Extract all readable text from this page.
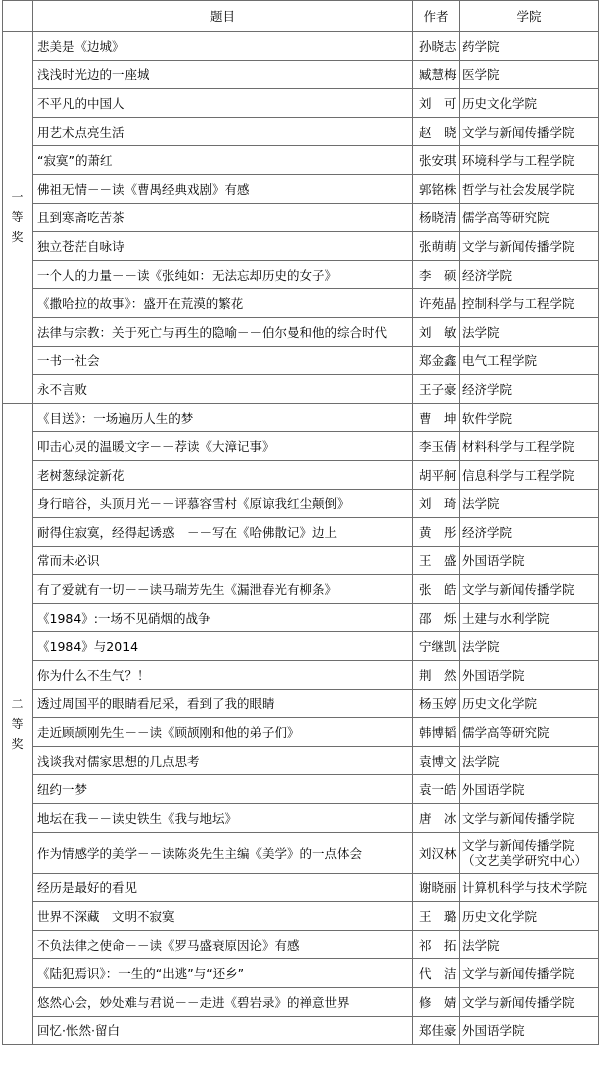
	题目	作者	学院

一等奖	悲美是《边城》	孙晓志	药学院
	浅浅时光边的一座城	臧慧梅	医学院
	不平凡的中国人	刘　可	历史文化学院
	用艺术点亮生活	赵　晓	文学与新闻传播学院
	“寂寞”的萧红	张安琪	环境科学与工程学院
	佛祖无情－－读《曹禺经典戏剧》有感	郭铭株	哲学与社会发展学院
	且到寒斋吃苦茶	杨晓清	儒学高等研究院
	独立苍茫自咏诗	张萌萌	文学与新闻传播学院
	一个人的力量－－读《张纯如：无法忘却历史的女子》	李　硕	经济学院
	《撒哈拉的故事》：盛开在荒漠的繁花	许苑晶	控制科学与工程学院
	法律与宗教：关于死亡与再生的隐喻－－伯尔曼和他的综合时代	刘　敏	法学院
	一书一社会	郑金鑫	电气工程学院
	永不言败	王子豪	经济学院

二等奖	《目送》：一场遍历人生的梦	曹　坤	软件学院
	叩击心灵的温暖文字－－荐读《大漳记事》	李玉倩	材料科学与工程学院
	老树葱绿淀新花	胡平舸	信息科学与工程学院
	身行暗谷，头顶月光－－评慕容雪村《原谅我红尘颠倒》	刘　琦	法学院
	耐得住寂寞，经得起诱惑　－－写在《哈佛散记》边上	黄　彤	经济学院
	常而未必识	王　盛	外国语学院
	有了爱就有一切－－读马瑞芳先生《漏泄春光有柳条》	张　皓	文学与新闻传播学院
	《1984》:一场不见硝烟的战争	邵　烁	土建与水利学院
	《1984》与2014	宁继凯	法学院
	你为什么不生气？！	荆　然	外国语学院
	透过周国平的眼睛看尼采，看到了我的眼睛	杨玉婷	历史文化学院
	走近顾颉刚先生－－读《顾颉刚和他的弟子们》	韩博韬	儒学高等研究院
	浅谈我对儒家思想的几点思考	袁博文	法学院
	纽约一梦	袁一皓	外国语学院
	地坛在我－－读史铁生《我与地坛》	唐　冰	文学与新闻传播学院
	作为情感学的美学－－读陈炎先生主编《美学》的一点体会	刘汉林	文学与新闻传播学院（文艺美学研究中心）
	经历是最好的看见	谢晓丽	计算机科学与技术学院
	世界不深藏　文明不寂寞	王　璐	历史文化学院
	不负法律之使命－－读《罗马盛衰原因论》有感	祁　拓	法学院
	《陆犯焉识》：一生的“出逃”与“还乡”	代　洁	文学与新闻传播学院
	悠然心会，妙处难与君说－－走进《碧岩录》的禅意世界	修　婧	文学与新闻传播学院
	回忆·怅然·留白	郑佳豪	外国语学院
